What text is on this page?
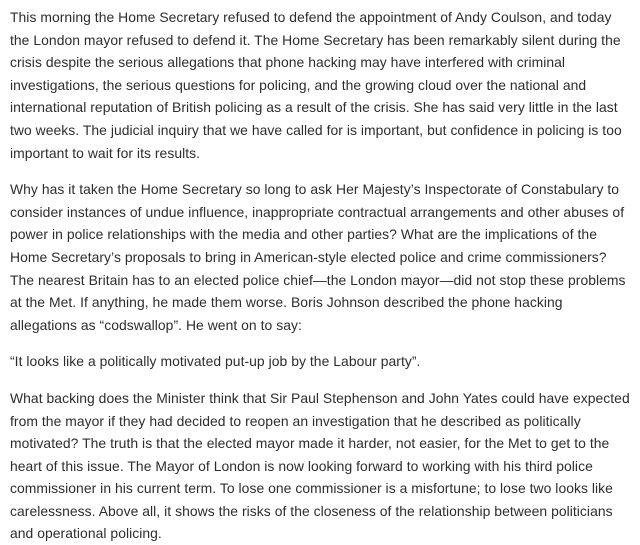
This morning the Home Secretary refused to defend the appointment of Andy Coulson, and today the London mayor refused to defend it. The Home Secretary has been remarkably silent during the crisis despite the serious allegations that phone hacking may have interfered with criminal investigations, the serious questions for policing, and the growing cloud over the national and international reputation of British policing as a result of the crisis. She has said very little in the last two weeks. The judicial inquiry that we have called for is important, but confidence in policing is too important to wait for its results.

Why has it taken the Home Secretary so long to ask Her Majesty’s Inspectorate of Constabulary to consider instances of undue influence, inappropriate contractual arrangements and other abuses of power in police relationships with the media and other parties? What are the implications of the Home Secretary’s proposals to bring in American-style elected police and crime commissioners? The nearest Britain has to an elected police chief—the London mayor—did not stop these problems at the Met. If anything, he made them worse. Boris Johnson described the phone hacking allegations as “codswallop”. He went on to say:

“It looks like a politically motivated put-up job by the Labour party”.

What backing does the Minister think that Sir Paul Stephenson and John Yates could have expected from the mayor if they had decided to reopen an investigation that he described as politically motivated? The truth is that the elected mayor made it harder, not easier, for the Met to get to the heart of this issue. The Mayor of London is now looking forward to working with his third police commissioner in his current term. To lose one commissioner is a misfortune; to lose two looks like carelessness. Above all, it shows the risks of the closeness of the relationship between politicians and operational policing.
